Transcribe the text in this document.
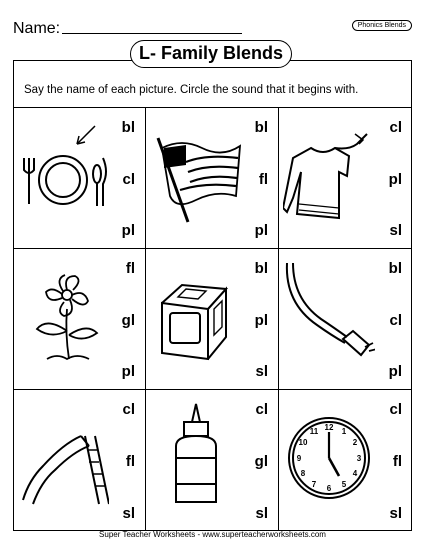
Name:	Phonics Blends
L- Family Blends
Say the name of each picture. Circle the sound that it begins with.
bl
cl
pl
bl
fl
pl
cl
pl
sl
fl
gl
pl
bl
pl
sl
bl
cl
pl
cl
fl
sl
cl
gl
sl
12 1
2
3
4
5
6
7
8
9
10
11
cl
fl
sl
Super Teacher Worksheets - www.superteacherworksheets.com
